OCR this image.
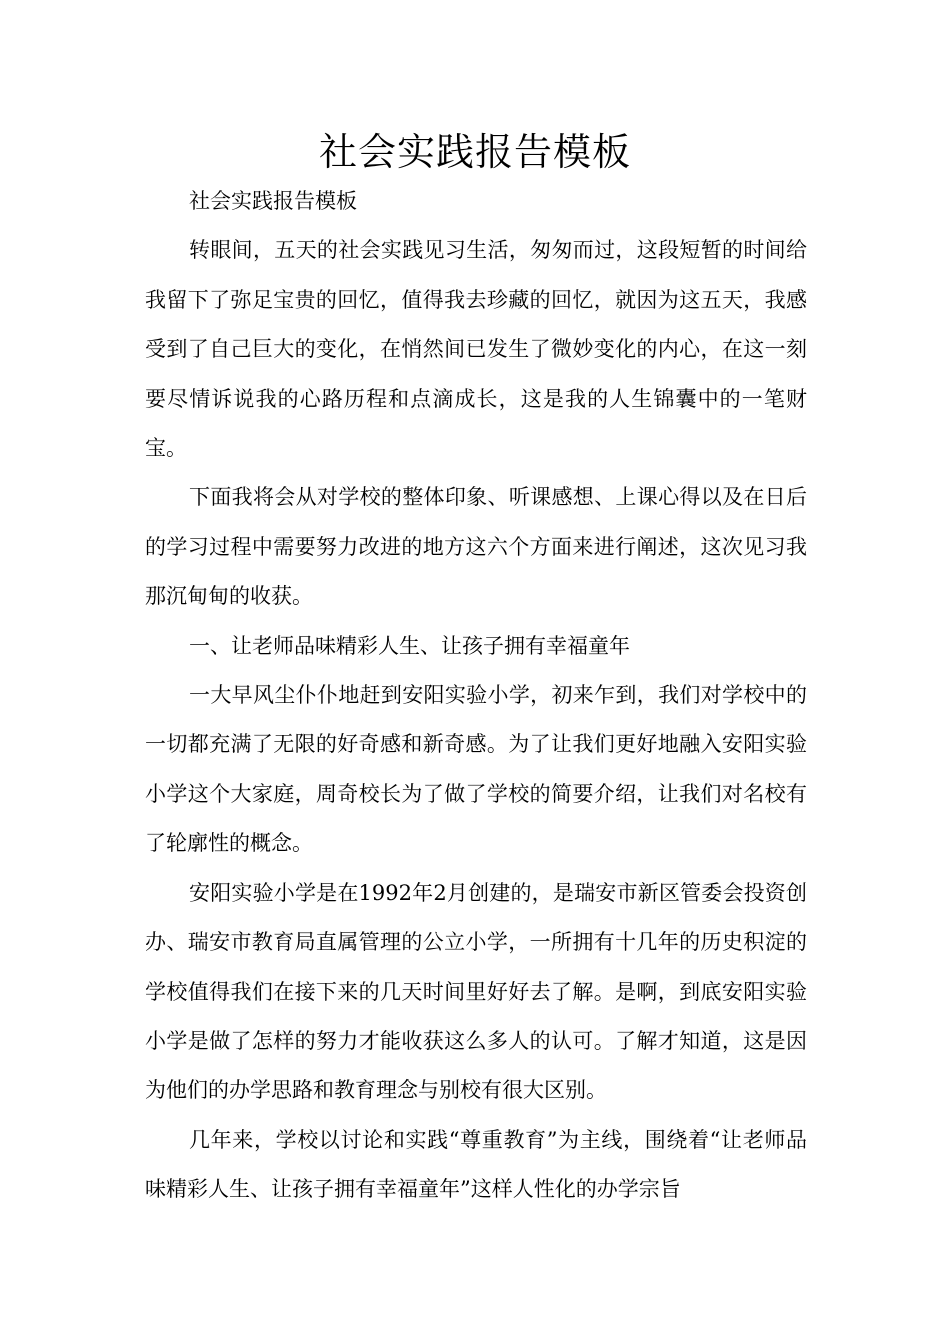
社会实践报告模板

社会实践报告模板

转眼间，五天的社会实践见习生活，匆匆而过，这段短暂的时间给我留下了弥足宝贵的回忆，值得我去珍藏的回忆，就因为这五天，我感受到了自己巨大的变化，在悄然间已发生了微妙变化的内心，在这一刻要尽情诉说我的心路历程和点滴成长，这是我的人生锦囊中的一笔财宝。

下面我将会从对学校的整体印象、听课感想、上课心得以及在日后的学习过程中需要努力改进的地方这六个方面来进行阐述，这次见习我那沉甸甸的收获。

一、让老师品味精彩人生、让孩子拥有幸福童年

一大早风尘仆仆地赶到安阳实验小学，初来乍到，我们对学校中的一切都充满了无限的好奇感和新奇感。为了让我们更好地融入安阳实验小学这个大家庭，周奇校长为了做了学校的简要介绍，让我们对名校有了轮廓性的概念。

安阳实验小学是在1992年2月创建的，是瑞安市新区管委会投资创办、瑞安市教育局直属管理的公立小学，一所拥有十几年的历史积淀的学校值得我们在接下来的几天时间里好好去了解。是啊，到底安阳实验小学是做了怎样的努力才能收获这么多人的认可。了解才知道，这是因为他们的办学思路和教育理念与别校有很大区别。

几年来，学校以讨论和实践“尊重教育”为主线，围绕着“让老师品味精彩人生、让孩子拥有幸福童年”这样人性化的办学宗旨
